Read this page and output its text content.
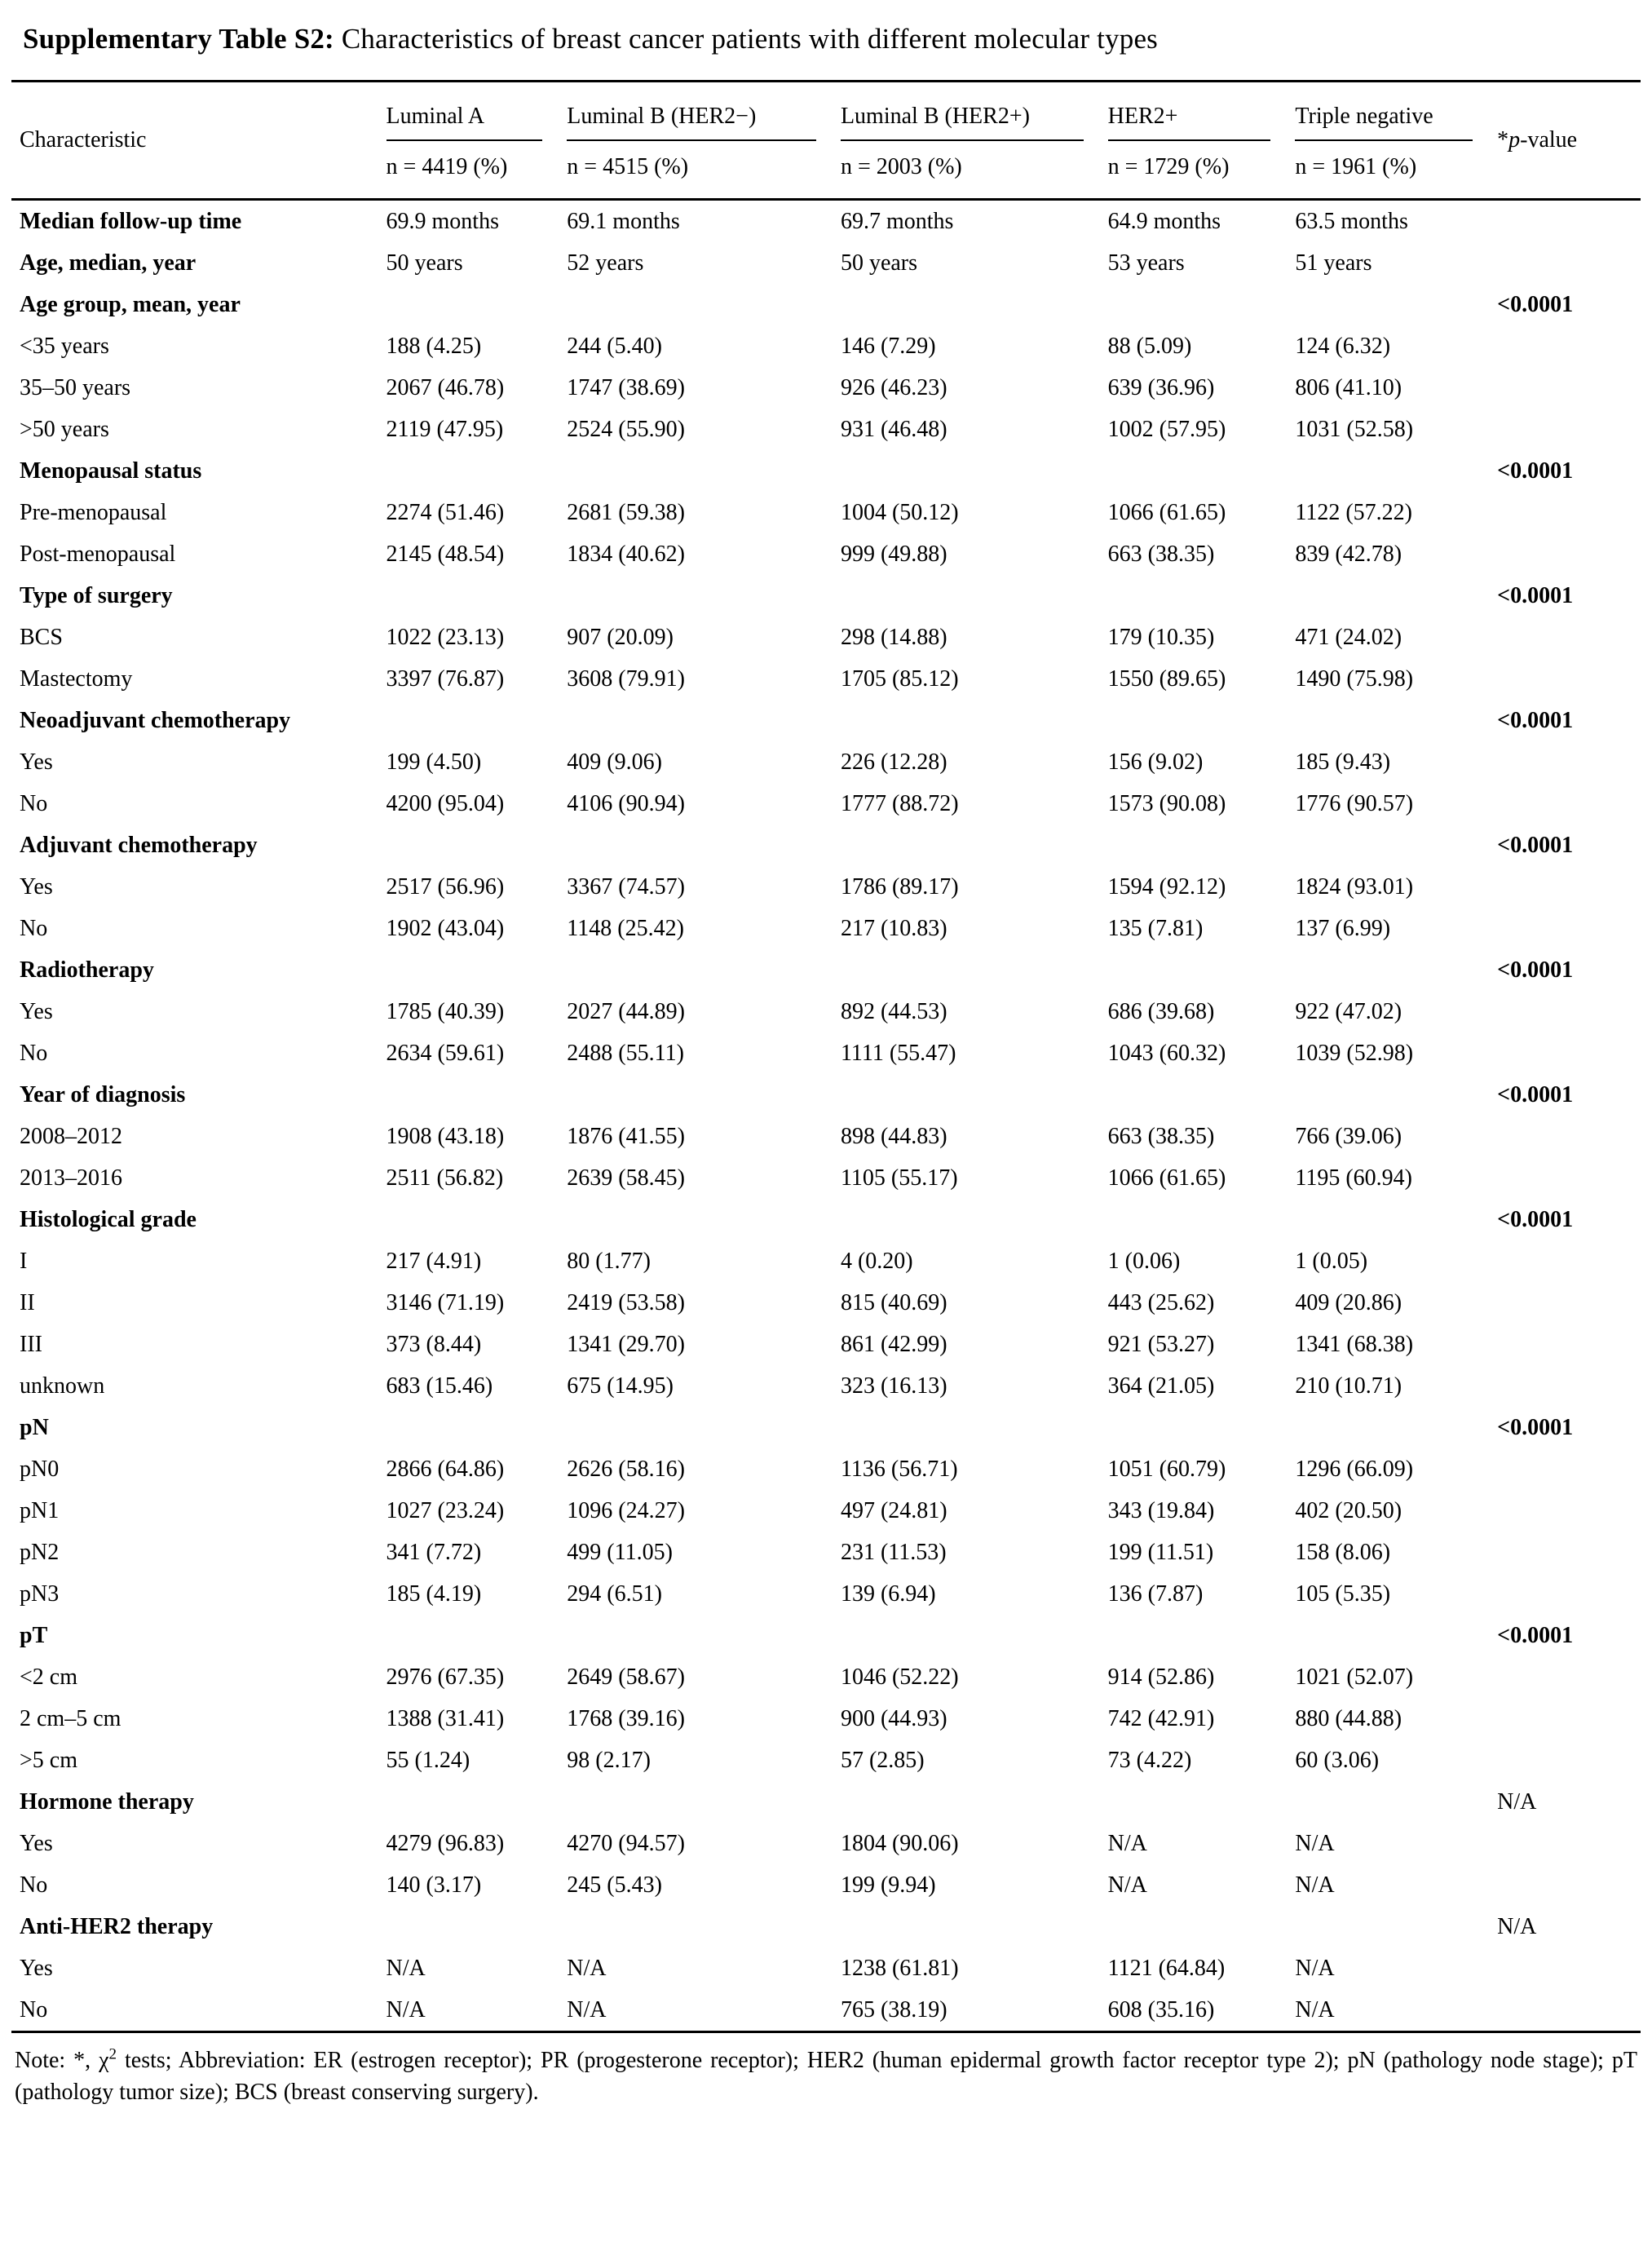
Supplementary Table S2: Characteristics of breast cancer patients with different molecular types
Characteristic	Luminal A	Luminal B (HER2−)	Luminal B (HER2+)	HER2+	Triple negative	*p-value
	n = 4419 (%)	n = 4515 (%)	n = 2003 (%)	n = 1729 (%)	n = 1961 (%)	
Median follow-up time	69.9 months	69.1 months	69.7 months	64.9 months	63.5 months	
Age, median, year	50 years	52 years	50 years	53 years	51 years	
Age group, mean, year						<0.0001
<35 years	188 (4.25)	244 (5.40)	146 (7.29)	88 (5.09)	124 (6.32)	
35–50 years	2067 (46.78)	1747 (38.69)	926 (46.23)	639 (36.96)	806 (41.10)	
>50 years	2119 (47.95)	2524 (55.90)	931 (46.48)	1002 (57.95)	1031 (52.58)	
Menopausal status						<0.0001
Pre-menopausal	2274 (51.46)	2681 (59.38)	1004 (50.12)	1066 (61.65)	1122 (57.22)	
Post-menopausal	2145 (48.54)	1834 (40.62)	999 (49.88)	663 (38.35)	839 (42.78)	
Type of surgery						<0.0001
BCS	1022 (23.13)	907 (20.09)	298 (14.88)	179 (10.35)	471 (24.02)	
Mastectomy	3397 (76.87)	3608 (79.91)	1705 (85.12)	1550 (89.65)	1490 (75.98)	
Neoadjuvant chemotherapy						<0.0001
Yes	199 (4.50)	409 (9.06)	226 (12.28)	156 (9.02)	185 (9.43)	
No	4200 (95.04)	4106 (90.94)	1777 (88.72)	1573 (90.08)	1776 (90.57)	
Adjuvant chemotherapy						<0.0001
Yes	2517 (56.96)	3367 (74.57)	1786 (89.17)	1594 (92.12)	1824 (93.01)	
No	1902 (43.04)	1148 (25.42)	217 (10.83)	135 (7.81)	137 (6.99)	
Radiotherapy						<0.0001
Yes	1785 (40.39)	2027 (44.89)	892 (44.53)	686 (39.68)	922 (47.02)	
No	2634 (59.61)	2488 (55.11)	1111 (55.47)	1043 (60.32)	1039 (52.98)	
Year of diagnosis						<0.0001
2008–2012	1908 (43.18)	1876 (41.55)	898 (44.83)	663 (38.35)	766 (39.06)	
2013–2016	2511 (56.82)	2639 (58.45)	1105 (55.17)	1066 (61.65)	1195 (60.94)	
Histological grade						<0.0001
I	217 (4.91)	80 (1.77)	4 (0.20)	1 (0.06)	1 (0.05)	
II	3146 (71.19)	2419 (53.58)	815 (40.69)	443 (25.62)	409 (20.86)	
III	373 (8.44)	1341 (29.70)	861 (42.99)	921 (53.27)	1341 (68.38)	
unknown	683 (15.46)	675 (14.95)	323 (16.13)	364 (21.05)	210 (10.71)	
pN						<0.0001
pN0	2866 (64.86)	2626 (58.16)	1136 (56.71)	1051 (60.79)	1296 (66.09)	
pN1	1027 (23.24)	1096 (24.27)	497 (24.81)	343 (19.84)	402 (20.50)	
pN2	341 (7.72)	499 (11.05)	231 (11.53)	199 (11.51)	158 (8.06)	
pN3	185 (4.19)	294 (6.51)	139 (6.94)	136 (7.87)	105 (5.35)	
pT						<0.0001
<2 cm	2976 (67.35)	2649 (58.67)	1046 (52.22)	914 (52.86)	1021 (52.07)	
2 cm–5 cm	1388 (31.41)	1768 (39.16)	900 (44.93)	742 (42.91)	880 (44.88)	
>5 cm	55 (1.24)	98 (2.17)	57 (2.85)	73 (4.22)	60 (3.06)	
Hormone therapy						N/A
Yes	4279 (96.83)	4270 (94.57)	1804 (90.06)	N/A	N/A	
No	140 (3.17)	245 (5.43)	199 (9.94)	N/A	N/A	
Anti-HER2 therapy						N/A
Yes	N/A	N/A	1238 (61.81)	1121 (64.84)	N/A	
No	N/A	N/A	765 (38.19)	608 (35.16)	N/A	

Note: *, $\chi^2$ tests; Abbreviation: ER (estrogen receptor); PR (progesterone receptor); HER2 (human epidermal growth factor receptor type 2); pN (pathology node stage); pT (pathology tumor size); BCS (breast conserving surgery).
